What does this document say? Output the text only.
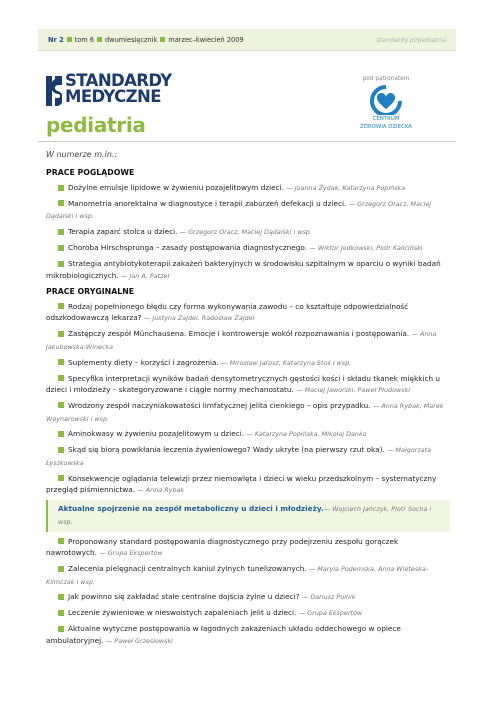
Nr 2 tom 6 dwumiesięcznik marzec–kwiecień 2009	standardy.pl/pediatria
STANDARDY
MEDYCZNE
pediatria
pod patronatem
CENTRUM
ZDROWIA DZIECKA
W numerze m.in.:
PRACE POGLĄDOWE
Dożylne emulsje lipidowe w żywieniu pozajelitowym dzieci. — Joanna Żydak, Katarzyna Popińska
Manometria anorektalna w diagnostyce i terapii zaburzeń defekacji u dzieci. — Grzegorz Oracz, Maciej Dądalski i wsp.
Terapia zaparć stolca u dzieci. — Grzegorz Oracz, Maciej Dądalski i wsp.
Choroba Hirschsprunga – zasady postępowania diagnostycznego. — Wiktor Jodkowski, Piotr Kaliciński
Strategia antybiotykoterapii zakażeń bakteryjnych w środowisku szpitalnym w oparciu o wyniki badań mikrobiologicznych. — Jan A. Patzer
PRACE ORYGINALNE
Rodzaj popełnionego błędu czy forma wykonywania zawodu – co kształtuje odpowiedzialność odszkodowawczą lekarza? — Justyna Zajdel, Radosław Zajdel
Zastępczy zespół Münchausena. Emocje i kontrowersje wokół rozpoznawania i postępowania. — Anna Jakubowska-Winecka
Suplementy diety – korzyści i zagrożenia. — Mirosław Jarosz, Katarzyna Stoś i wsp.
Specyfika interpretacji wyników badań densytometrycznych gęstości kości i składu tkanek miękkich u dzieci i młodzieży – skategoryzowane i ciągłe normy mechanostatu. — Maciej Jaworski, Paweł Płudowski
Wrodzony zespół naczyniakowatości limfatycznej jelita cienkiego – opis przypadku. — Anna Rybak, Marek Woynarowski i wsp.
Aminokwasy w żywieniu pozajelitowym u dzieci. — Katarzyna Popińska, Mikołaj Danko
Skąd się biorą powikłania leczenia żywieniowego? Wady ukryte (na pierwszy rzut oka). — Małgorzata Łyszkowska
Konsekwencje oglądania telewizji przez niemowlęta i dzieci w wieku przedszkolnym – systematyczny przegląd piśmiennictwa. — Anna Rybak
Aktualne spojrzenie na zespół metaboliczny u dzieci i młodzieży. — Wojciech Jańczyk, Piotr Socha i wsp.
Proponowany standard postępowania diagnostycznego przy podejrzeniu zespołu gorączek nawrotowych. — Grupa Ekspertów
Zalecenia pielęgnacji centralnych kaniul żylnych tunelizowanych. — Maryla Podemska, Anna Wieteska-Klimczak i wsp.
Jak powinno się zakładać stałe centralne dojścia żylne u dzieci? — Dariusz Polnik
Leczenie żywieniowe w nieswoistych zapaleniach jelit u dzieci. — Grupa Ekspertów
Aktualne wytyczne postępowania w łagodnych zakażeniach układu oddechowego w opiece ambulatoryjnej. — Paweł Grzesiowski
